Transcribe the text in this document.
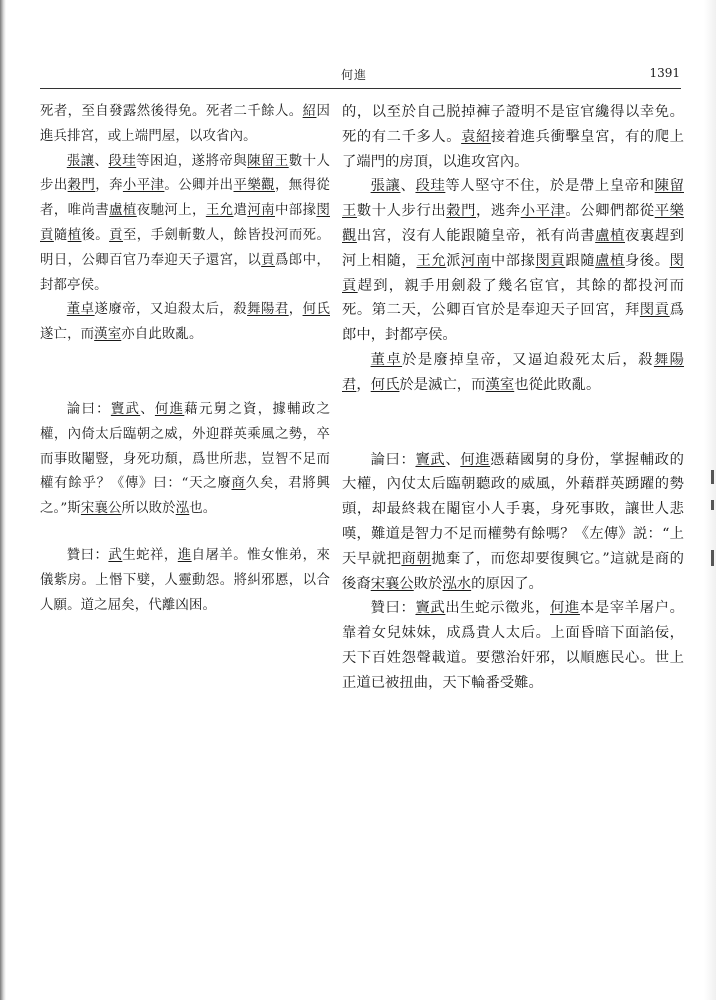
何進	1391

死者，至自發露然後得免。死者二千餘人。紹因進兵排宮，或上端門屋，以攻省內。

張讓、段珪等困迫，遂將帝與陳留王數十人步出穀門，奔小平津。公卿并出平樂觀，無得從者，唯尚書盧植夜馳河上，王允遣河南中部掾閔貢隨植後。貢至，手劍斬數人，餘皆投河而死。明日，公卿百官乃奉迎天子還宮，以貢爲郎中，封都亭侯。

董卓遂廢帝，又迫殺太后，殺舞陽君，何氏遂亡，而漢室亦自此敗亂。

論曰：竇武、何進藉元舅之資，據輔政之權，內倚太后臨朝之威，外迎群英乘風之勢，卒而事敗閹豎，身死功頹，爲世所悲，豈智不足而權有餘乎？《傳》曰：“天之廢商久矣，君將興之。”斯宋襄公所以敗於泓也。

贊曰：武生蛇祥，進自屠羊。惟女惟弟，來儀紫房。上惽下嬖，人靈動怨。將糾邪慝，以合人願。道之屈矣，代離凶困。

的，以至於自己脱掉褲子證明不是宦官纔得以幸免。死的有二千多人。袁紹接着進兵衝擊皇宮，有的爬上了端門的房頂，以進攻宮內。

張讓、段珪等人堅守不住，於是帶上皇帝和陳留王數十人步行出穀門，逃奔小平津。公卿們都從平樂觀出宮，沒有人能跟隨皇帝，衹有尚書盧植夜裏趕到河上相隨，王允派河南中部掾閔貢跟隨盧植身後。閔貢趕到，親手用劍殺了幾名宦官，其餘的都投河而死。第二天，公卿百官於是奉迎天子回宮，拜閔貢爲郎中，封都亭侯。

董卓於是廢掉皇帝，又逼迫殺死太后，殺舞陽君，何氏於是滅亡，而漢室也從此敗亂。

論曰：竇武、何進憑藉國舅的身份，掌握輔政的大權，內仗太后臨朝聽政的威風，外藉群英踴躍的勢頭，却最終栽在閹宦小人手裏，身死事敗，讓世人悲嘆，難道是智力不足而權勢有餘嗎？《左傳》説：“上天早就把商朝拋棄了，而您却要復興它。”這就是商的後裔宋襄公敗於泓水的原因了。

贊曰：竇武出生蛇示徵兆，何進本是宰羊屠户。靠着女兒妹妹，成爲貴人太后。上面昏暗下面諂佞，天下百姓怨聲載道。要懲治奸邪，以順應民心。世上正道已被扭曲，天下輪番受難。
